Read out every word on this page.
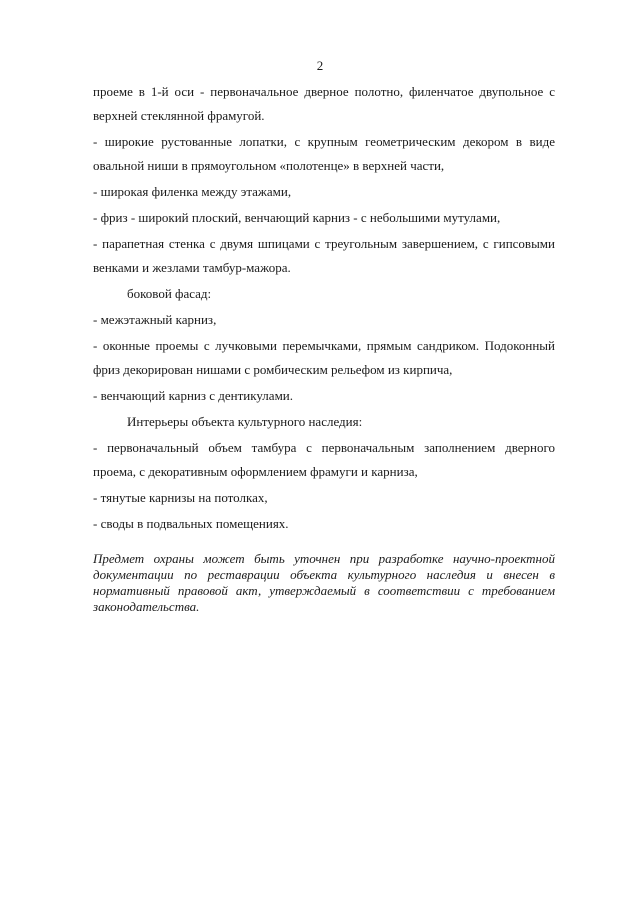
2

проеме в 1-й оси - первоначальное дверное полотно, филенчатое двупольное с верхней стеклянной фрамугой.

- широкие рустованные лопатки, с крупным геометрическим декором в виде овальной ниши в прямоугольном «полотенце» в верхней части,

- широкая филенка между этажами,

- фриз - широкий плоский, венчающий карниз - с небольшими мутулами,

- парапетная стенка с двумя шпицами с треугольным завершением, с гипсовыми венками и жезлами тамбур-мажора.

боковой фасад:

- межэтажный карниз,

- оконные проемы с лучковыми перемычками, прямым сандриком. Подоконный фриз декорирован нишами с ромбическим рельефом из кирпича,

- венчающий карниз с дентикулами.

Интерьеры объекта культурного наследия:

- первоначальный объем тамбура с первоначальным заполнением дверного проема, с декоративным оформлением фрамуги и карниза,

- тянутые карнизы на потолках,

- своды в подвальных помещениях.

Предмет охраны может быть уточнен при разработке научно-проектной документации по реставрации объекта культурного наследия и внесен в нормативный правовой акт, утверждаемый в соответствии с требованием законодательства.
